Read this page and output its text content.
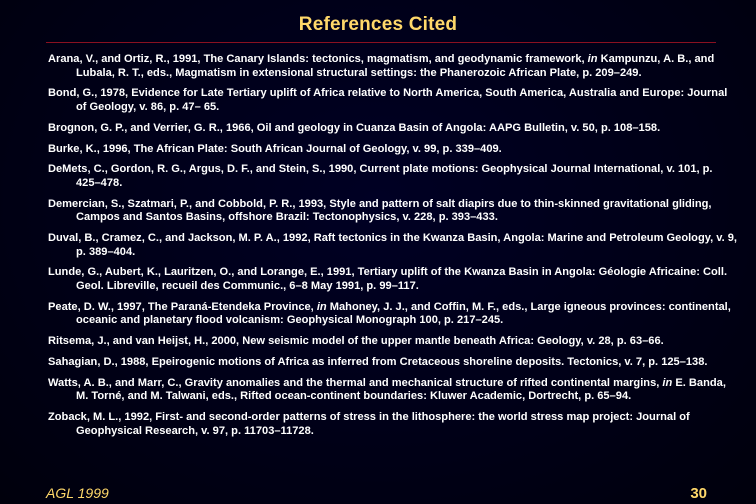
References Cited
Arana, V., and Ortiz, R., 1991, The Canary Islands: tectonics, magmatism, and geodynamic framework, in Kampunzu, A. B., and Lubala, R. T., eds., Magmatism in extensional structural settings: the Phanerozoic African Plate, p. 209–249.
Bond, G., 1978, Evidence for Late Tertiary uplift of Africa relative to North America, South America, Australia and Europe: Journal of Geology, v. 86, p. 47– 65.
Brognon, G. P., and Verrier, G. R., 1966, Oil and geology in Cuanza Basin of Angola: AAPG Bulletin, v. 50, p. 108–158.
Burke, K., 1996, The African Plate: South African Journal of Geology, v. 99, p. 339–409.
DeMets, C., Gordon, R. G., Argus, D. F., and Stein, S., 1990, Current plate motions: Geophysical Journal International, v. 101, p. 425–478.
Demercian, S., Szatmari, P., and Cobbold, P. R., 1993, Style and pattern of salt diapirs due to thin-skinned gravitational gliding, Campos and Santos Basins, offshore Brazil: Tectonophysics, v. 228, p. 393–433.
Duval, B., Cramez, C., and Jackson, M. P. A., 1992, Raft tectonics in the Kwanza Basin, Angola: Marine and Petroleum Geology, v. 9, p. 389–404.
Lunde, G., Aubert, K., Lauritzen, O., and Lorange, E., 1991, Tertiary uplift of the Kwanza Basin in Angola: Géologie Africaine: Coll. Geol. Libreville, recueil des Communic., 6–8 May 1991, p. 99–117.
Peate, D. W., 1997, The Paraná-Etendeka Province, in Mahoney, J. J., and Coffin, M. F., eds., Large igneous provinces: continental, oceanic and planetary flood volcanism: Geophysical Monograph 100, p. 217–245.
Ritsema, J., and van Heijst, H., 2000, New seismic model of the upper mantle beneath Africa: Geology, v. 28, p. 63–66.
Sahagian, D., 1988, Epeirogenic motions of Africa as inferred from Cretaceous shoreline deposits. Tectonics, v. 7, p. 125–138.
Watts, A. B., and Marr, C., Gravity anomalies and the thermal and mechanical structure of rifted continental margins, in E. Banda, M. Torné, and M. Talwani, eds., Rifted ocean-continent boundaries: Kluwer Academic, Dortrecht, p. 65–94.
Zoback, M. L., 1992, First- and second-order patterns of stress in the lithosphere: the world stress map project: Journal of Geophysical Research, v. 97, p. 11703–11728.
AGL 1999	30
